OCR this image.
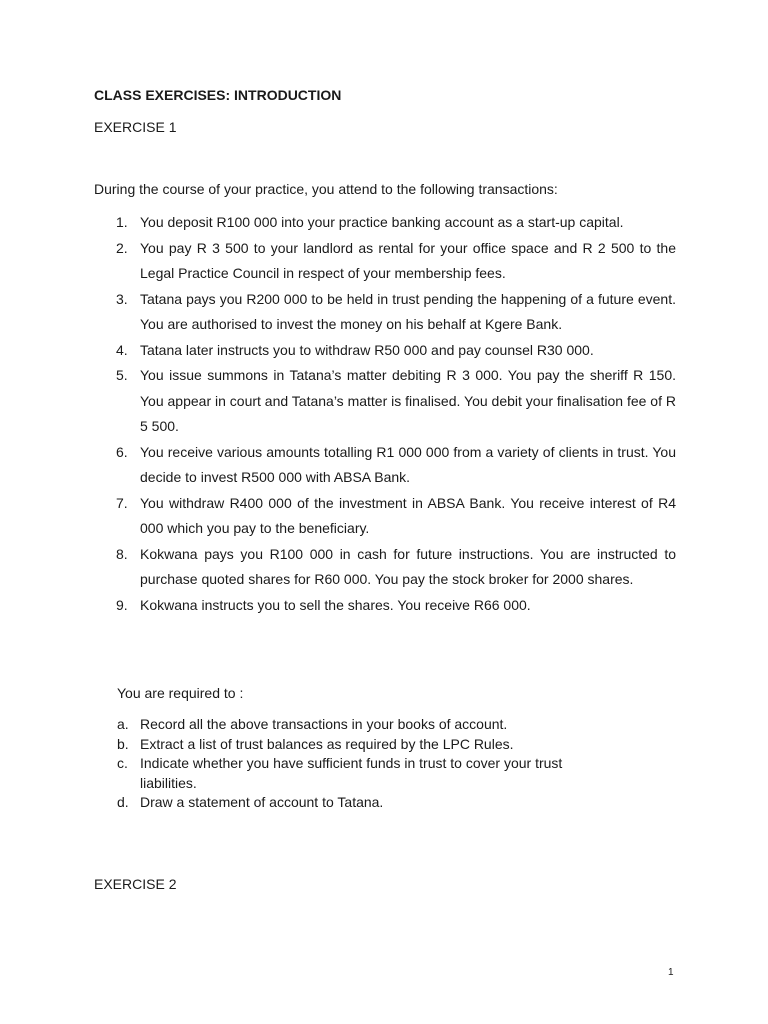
CLASS EXERCISES: INTRODUCTION
EXERCISE 1
During the course of your practice, you attend to the following transactions:
1. You deposit R100 000 into your practice banking account as a start-up capital.
2. You pay R 3 500 to your landlord as rental for your office space and R 2 500 to the Legal Practice Council in respect of your membership fees.
3. Tatana pays you R200 000 to be held in trust pending the happening of a future event. You are authorised to invest the money on his behalf at Kgere Bank.
4. Tatana later instructs you to withdraw R50 000 and pay counsel R30 000.
5. You issue summons in Tatana’s matter debiting R 3 000. You pay the sheriff R 150. You appear in court and Tatana’s matter is finalised. You debit your finalisation fee of R 5 500.
6. You receive various amounts totalling R1 000 000 from a variety of clients in trust. You decide to invest R500 000 with ABSA Bank.
7. You withdraw R400 000 of the investment in ABSA Bank. You receive interest of R4 000 which you pay to the beneficiary.
8. Kokwana pays you R100 000 in cash for future instructions. You are instructed to purchase quoted shares for R60 000. You pay the stock broker for 2000 shares.
9. Kokwana instructs you to sell the shares. You receive R66 000.
You are required to :
a. Record all the above transactions in your books of account.
b. Extract a list of trust balances as required by the LPC Rules.
c. Indicate whether you have sufficient funds in trust to cover your trust liabilities.
d. Draw a statement of account to Tatana.
EXERCISE 2
1
